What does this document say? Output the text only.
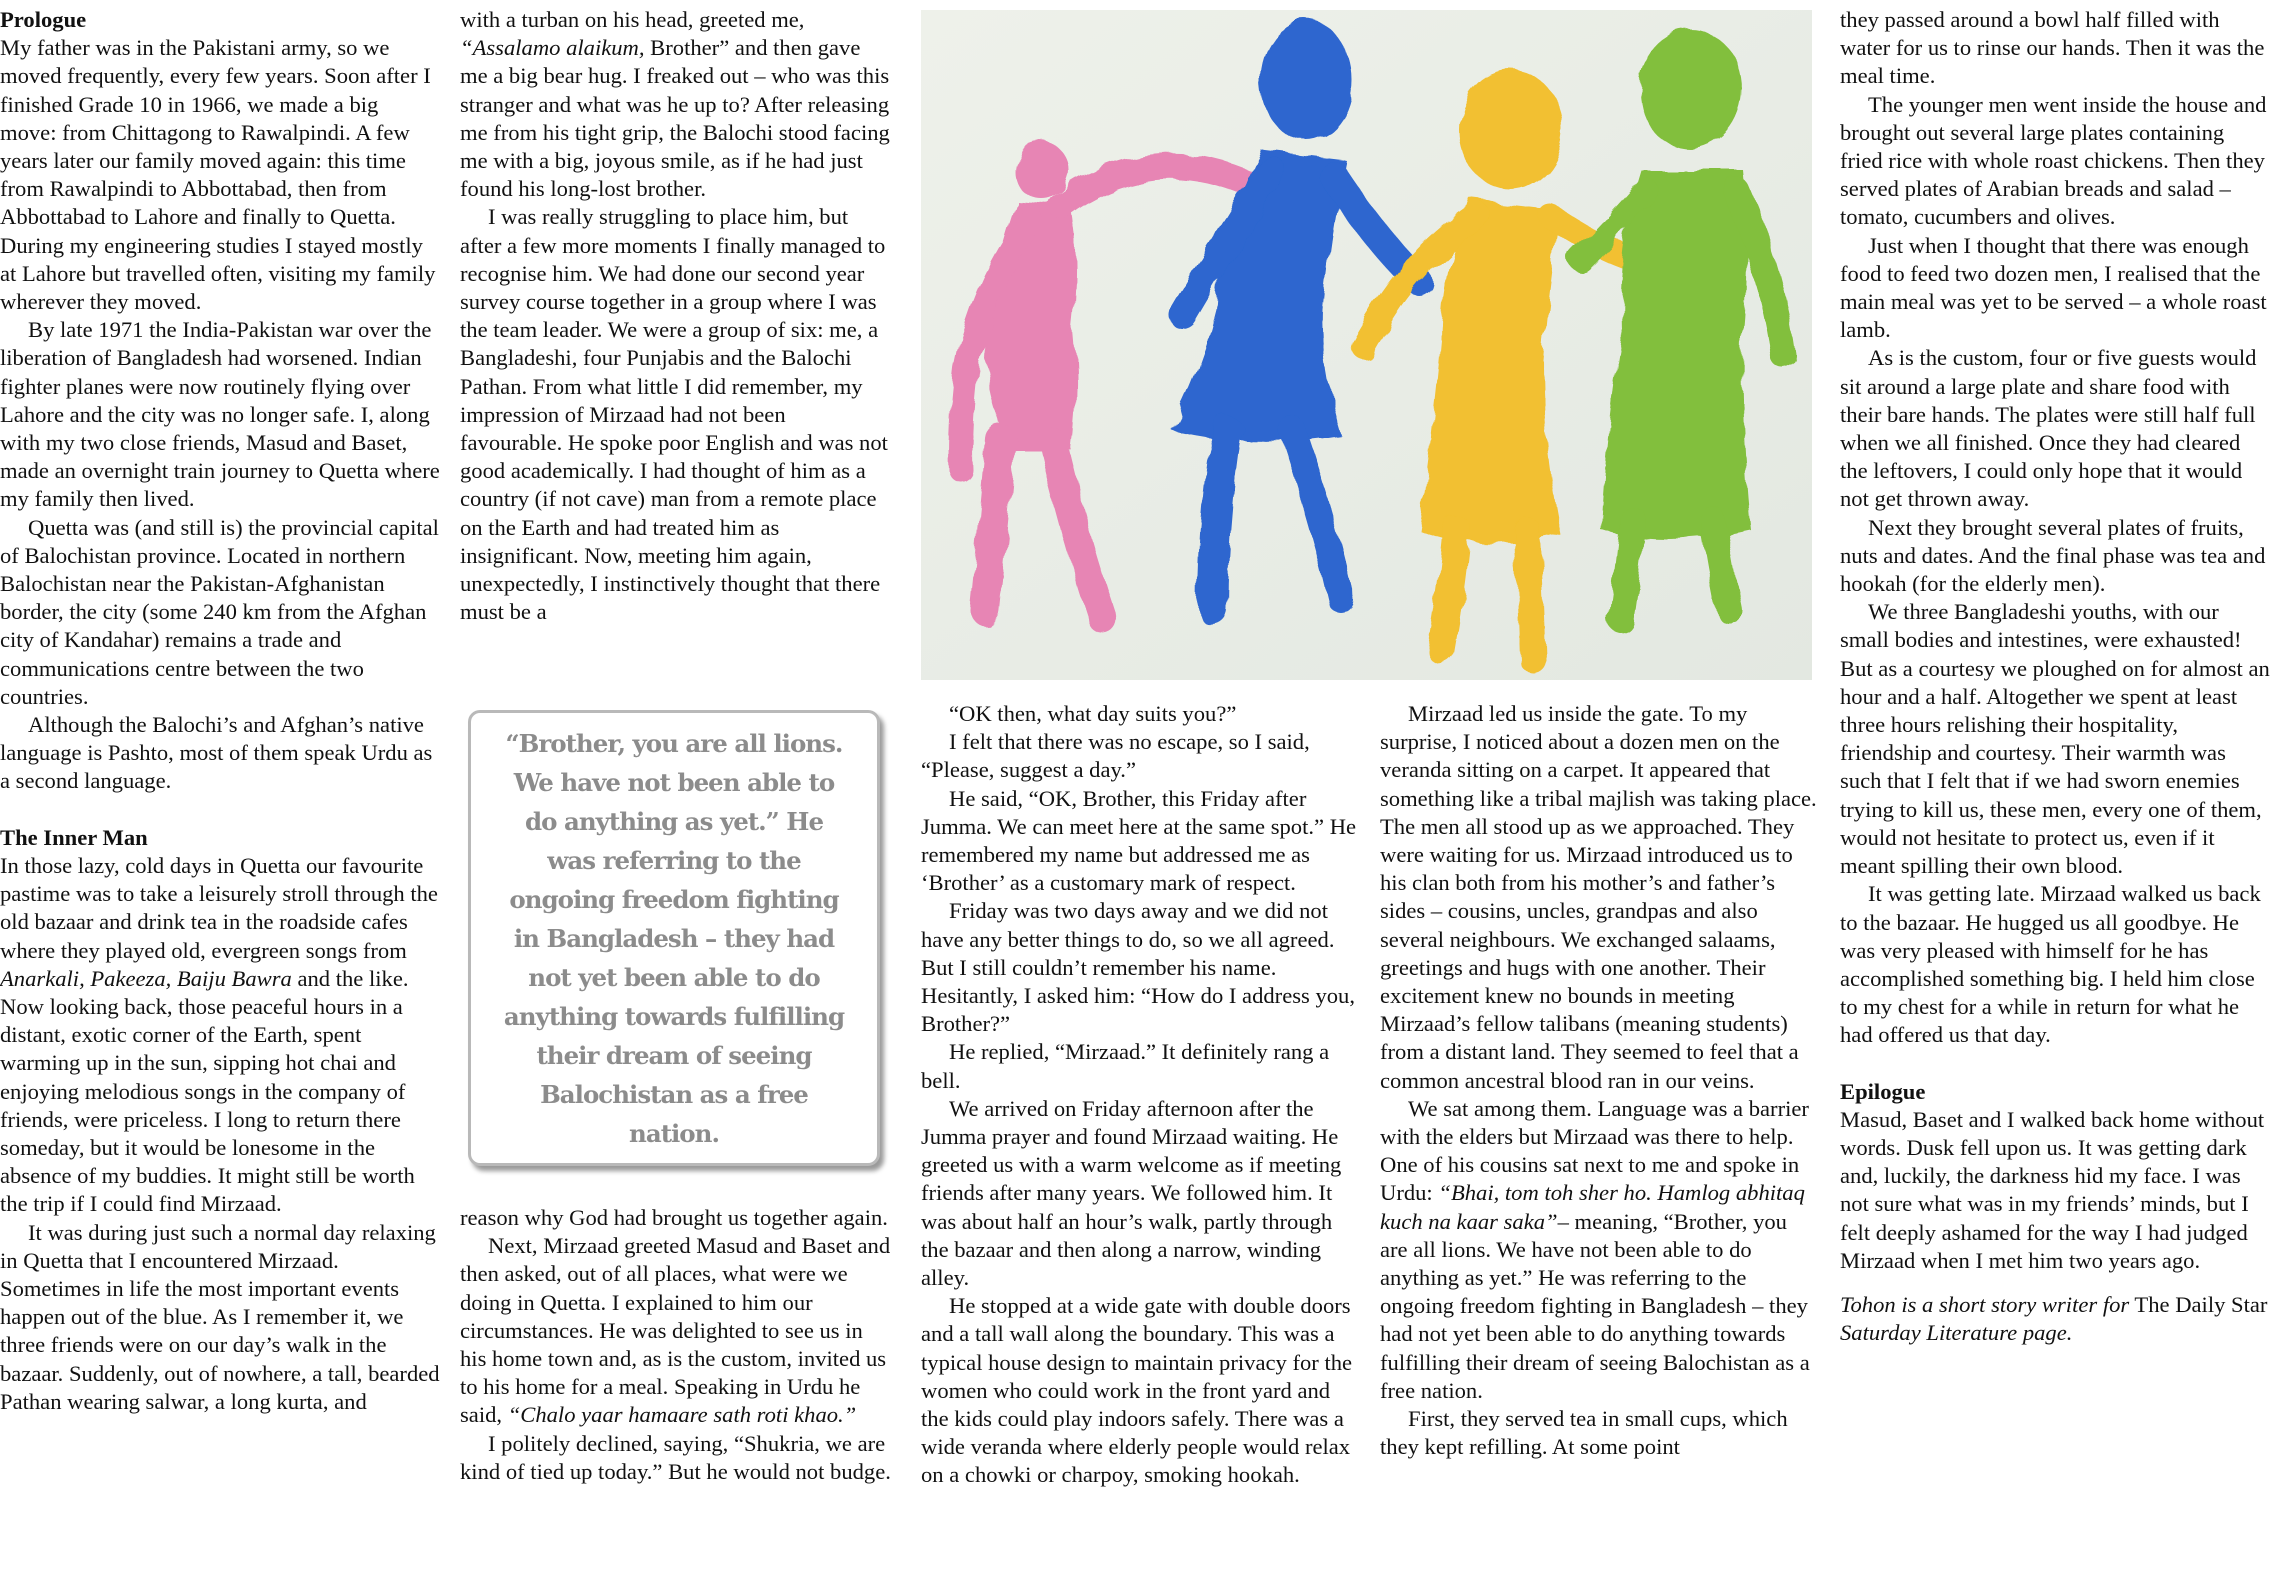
Prologue

My father was in the Pakistani army, so we moved frequently, every few years. Soon after I finished Grade 10 in 1966, we made a big move: from Chittagong to Rawalpindi. A few years later our family moved again: this time from Rawalpindi to Abbottabad, then from Abbottabad to Lahore and finally to Quetta. During my engineering studies I stayed mostly at Lahore but travelled often, visiting my family wherever they moved.

By late 1971 the India-Pakistan war over the liberation of Bangladesh had worsened. Indian fighter planes were now routinely flying over Lahore and the city was no longer safe. I, along with my two close friends, Masud and Baset, made an overnight train journey to Quetta where my family then lived.

Quetta was (and still is) the provincial capital of Balochistan province. Located in northern Balochistan near the Pakistan-Afghanistan border, the city (some 240 km from the Afghan city of Kandahar) remains a trade and communications centre between the two countries.

Although the Balochi’s and Afghan’s native language is Pashto, most of them speak Urdu as a second language.

The Inner Man

In those lazy, cold days in Quetta our favourite pastime was to take a leisurely stroll through the old bazaar and drink tea in the roadside cafes where they played old, evergreen songs from Anarkali, Pakeeza, Baiju Bawra and the like. Now looking back, those peaceful hours in a distant, exotic corner of the Earth, spent warming up in the sun, sipping hot chai and enjoying melodious songs in the company of friends, were priceless. I long to return there someday, but it would be lonesome in the absence of my buddies. It might still be worth the trip if I could find Mirzaad.

It was during just such a normal day relaxing in Quetta that I encountered Mirzaad. Sometimes in life the most important events happen out of the blue. As I remember it, we three friends were on our day’s walk in the bazaar. Suddenly, out of nowhere, a tall, bearded Pathan wearing salwar, a long kurta, and

with a turban on his head, greeted me, “Assalamo alaikum, Brother” and then gave me a big bear hug. I freaked out – who was this stranger and what was he up to? After releasing me from his tight grip, the Balochi stood facing me with a big, joyous smile, as if he had just found his long-lost brother.

I was really struggling to place him, but after a few more moments I finally managed to recognise him. We had done our second year survey course together in a group where I was the team leader. We were a group of six: me, a Bangladeshi, four Punjabis and the Balochi Pathan. From what little I did remember, my impression of Mirzaad had not been favourable. He spoke poor English and was not good academically. I had thought of him as a country (if not cave) man from a remote place on the Earth and had treated him as insignificant. Now, meeting him again, unexpectedly, I instinctively thought that there must be a

“Brother, you are all lions. We have not been able to do anything as yet.” He was referring to the ongoing freedom fighting in Bangladesh – they had not yet been able to do anything towards fulfilling their dream of seeing Balochistan as a free nation.

reason why God had brought us together again.

Next, Mirzaad greeted Masud and Baset and then asked, out of all places, what were we doing in Quetta. I explained to him our circumstances. He was delighted to see us in his home town and, as is the custom, invited us to his home for a meal. Speaking in Urdu he said, “Chalo yaar hamaare sath roti khao.”

I politely declined, saying, “Shukria, we are kind of tied up today.” But he would not budge.

“OK then, what day suits you?”

I felt that there was no escape, so I said, “Please, suggest a day.”

He said, “OK, Brother, this Friday after Jumma. We can meet here at the same spot.” He remembered my name but addressed me as ‘Brother’ as a customary mark of respect.

Friday was two days away and we did not have any better things to do, so we all agreed. But I still couldn’t remember his name. Hesitantly, I asked him: “How do I address you, Brother?”

He replied, “Mirzaad.” It definitely rang a bell.

We arrived on Friday afternoon after the Jumma prayer and found Mirzaad waiting. He greeted us with a warm welcome as if meeting friends after many years. We followed him. It was about half an hour’s walk, partly through the bazaar and then along a narrow, winding alley.

He stopped at a wide gate with double doors and a tall wall along the boundary. This was a typical house design to maintain privacy for the women who could work in the front yard and the kids could play indoors safely. There was a wide veranda where elderly people would relax on a chowki or charpoy, smoking hookah.

Mirzaad led us inside the gate. To my surprise, I noticed about a dozen men on the veranda sitting on a carpet. It appeared that something like a tribal majlish was taking place. The men all stood up as we approached. They were waiting for us. Mirzaad introduced us to his clan both from his mother’s and father’s sides – cousins, uncles, grandpas and also several neighbours. We exchanged salaams, greetings and hugs with one another. Their excitement knew no bounds in meeting Mirzaad’s fellow talibans (meaning students) from a distant land. They seemed to feel that a common ancestral blood ran in our veins.

We sat among them. Language was a barrier with the elders but Mirzaad was there to help. One of his cousins sat next to me and spoke in Urdu: “Bhai, tom toh sher ho. Hamlog abhitaq kuch na kaar saka”– meaning, “Brother, you are all lions. We have not been able to do anything as yet.” He was referring to the ongoing freedom fighting in Bangladesh – they had not yet been able to do anything towards fulfilling their dream of seeing Balochistan as a free nation.

First, they served tea in small cups, which they kept refilling. At some point

they passed around a bowl half filled with water for us to rinse our hands. Then it was the meal time.

The younger men went inside the house and brought out several large plates containing fried rice with whole roast chickens. Then they served plates of Arabian breads and salad – tomato, cucumbers and olives.

Just when I thought that there was enough food to feed two dozen men, I realised that the main meal was yet to be served – a whole roast lamb.

As is the custom, four or five guests would sit around a large plate and share food with their bare hands. The plates were still half full when we all finished. Once they had cleared the leftovers, I could only hope that it would not get thrown away.

Next they brought several plates of fruits, nuts and dates. And the final phase was tea and hookah (for the elderly men).

We three Bangladeshi youths, with our small bodies and intestines, were exhausted! But as a courtesy we ploughed on for almost an hour and a half. Altogether we spent at least three hours relishing their hospitality, friendship and courtesy. Their warmth was such that I felt that if we had sworn enemies trying to kill us, these men, every one of them, would not hesitate to protect us, even if it meant spilling their own blood.

It was getting late. Mirzaad walked us back to the bazaar. He hugged us all goodbye. He was very pleased with himself for he has accomplished something big. I held him close to my chest for a while in return for what he had offered us that day.

Epilogue

Masud, Baset and I walked back home without words. Dusk fell upon us. It was getting dark and, luckily, the darkness hid my face. I was not sure what was in my friends’ minds, but I felt deeply ashamed for the way I had judged Mirzaad when I met him two years ago.

Tohon is a short story writer for The Daily Star Saturday Literature page.
